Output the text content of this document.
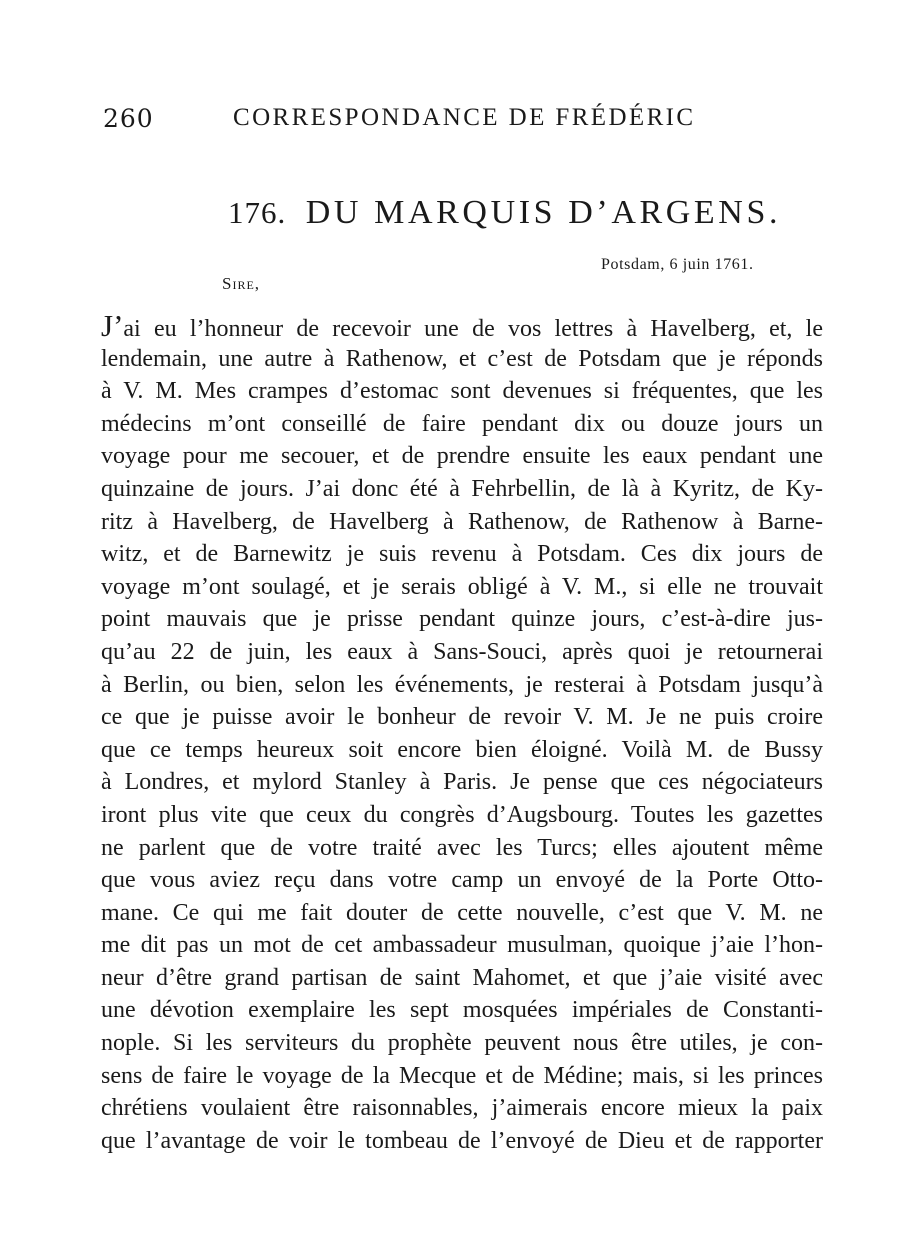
260	CORRESPONDANCE DE FRÉDÉRIC
176. DU MARQUIS D’ARGENS.
Potsdam, 6 juin 1761.
Sire,
J’ai eu l’honneur de recevoir une de vos lettres à Havelberg, et, le
lendemain, une autre à Rathenow, et c’est de Potsdam que je réponds
à V. M. Mes crampes d’estomac sont devenues si fréquentes, que les
médecins m’ont conseillé de faire pendant dix ou douze jours un
voyage pour me secouer, et de prendre ensuite les eaux pendant une
quinzaine de jours. J’ai donc été à Fehrbellin, de là à Kyritz, de Ky-
ritz à Havelberg, de Havelberg à Rathenow, de Rathenow à Barne-
witz, et de Barnewitz je suis revenu à Potsdam. Ces dix jours de
voyage m’ont soulagé, et je serais obligé à V. M., si elle ne trouvait
point mauvais que je prisse pendant quinze jours, c’est-à-dire jus-
qu’au 22 de juin, les eaux à Sans-Souci, après quoi je retournerai
à Berlin, ou bien, selon les événements, je resterai à Potsdam jusqu’à
ce que je puisse avoir le bonheur de revoir V. M. Je ne puis croire
que ce temps heureux soit encore bien éloigné. Voilà M. de Bussy
à Londres, et mylord Stanley à Paris. Je pense que ces négociateurs
iront plus vite que ceux du congrès d’Augsbourg. Toutes les gazettes
ne parlent que de votre traité avec les Turcs; elles ajoutent même
que vous aviez reçu dans votre camp un envoyé de la Porte Otto-
mane. Ce qui me fait douter de cette nouvelle, c’est que V. M. ne
me dit pas un mot de cet ambassadeur musulman, quoique j’aie l’hon-
neur d’être grand partisan de saint Mahomet, et que j’aie visité avec
une dévotion exemplaire les sept mosquées impériales de Constanti-
nople. Si les serviteurs du prophète peuvent nous être utiles, je con-
sens de faire le voyage de la Mecque et de Médine; mais, si les princes
chrétiens voulaient être raisonnables, j’aimerais encore mieux la paix
que l’avantage de voir le tombeau de l’envoyé de Dieu et de rapporter
